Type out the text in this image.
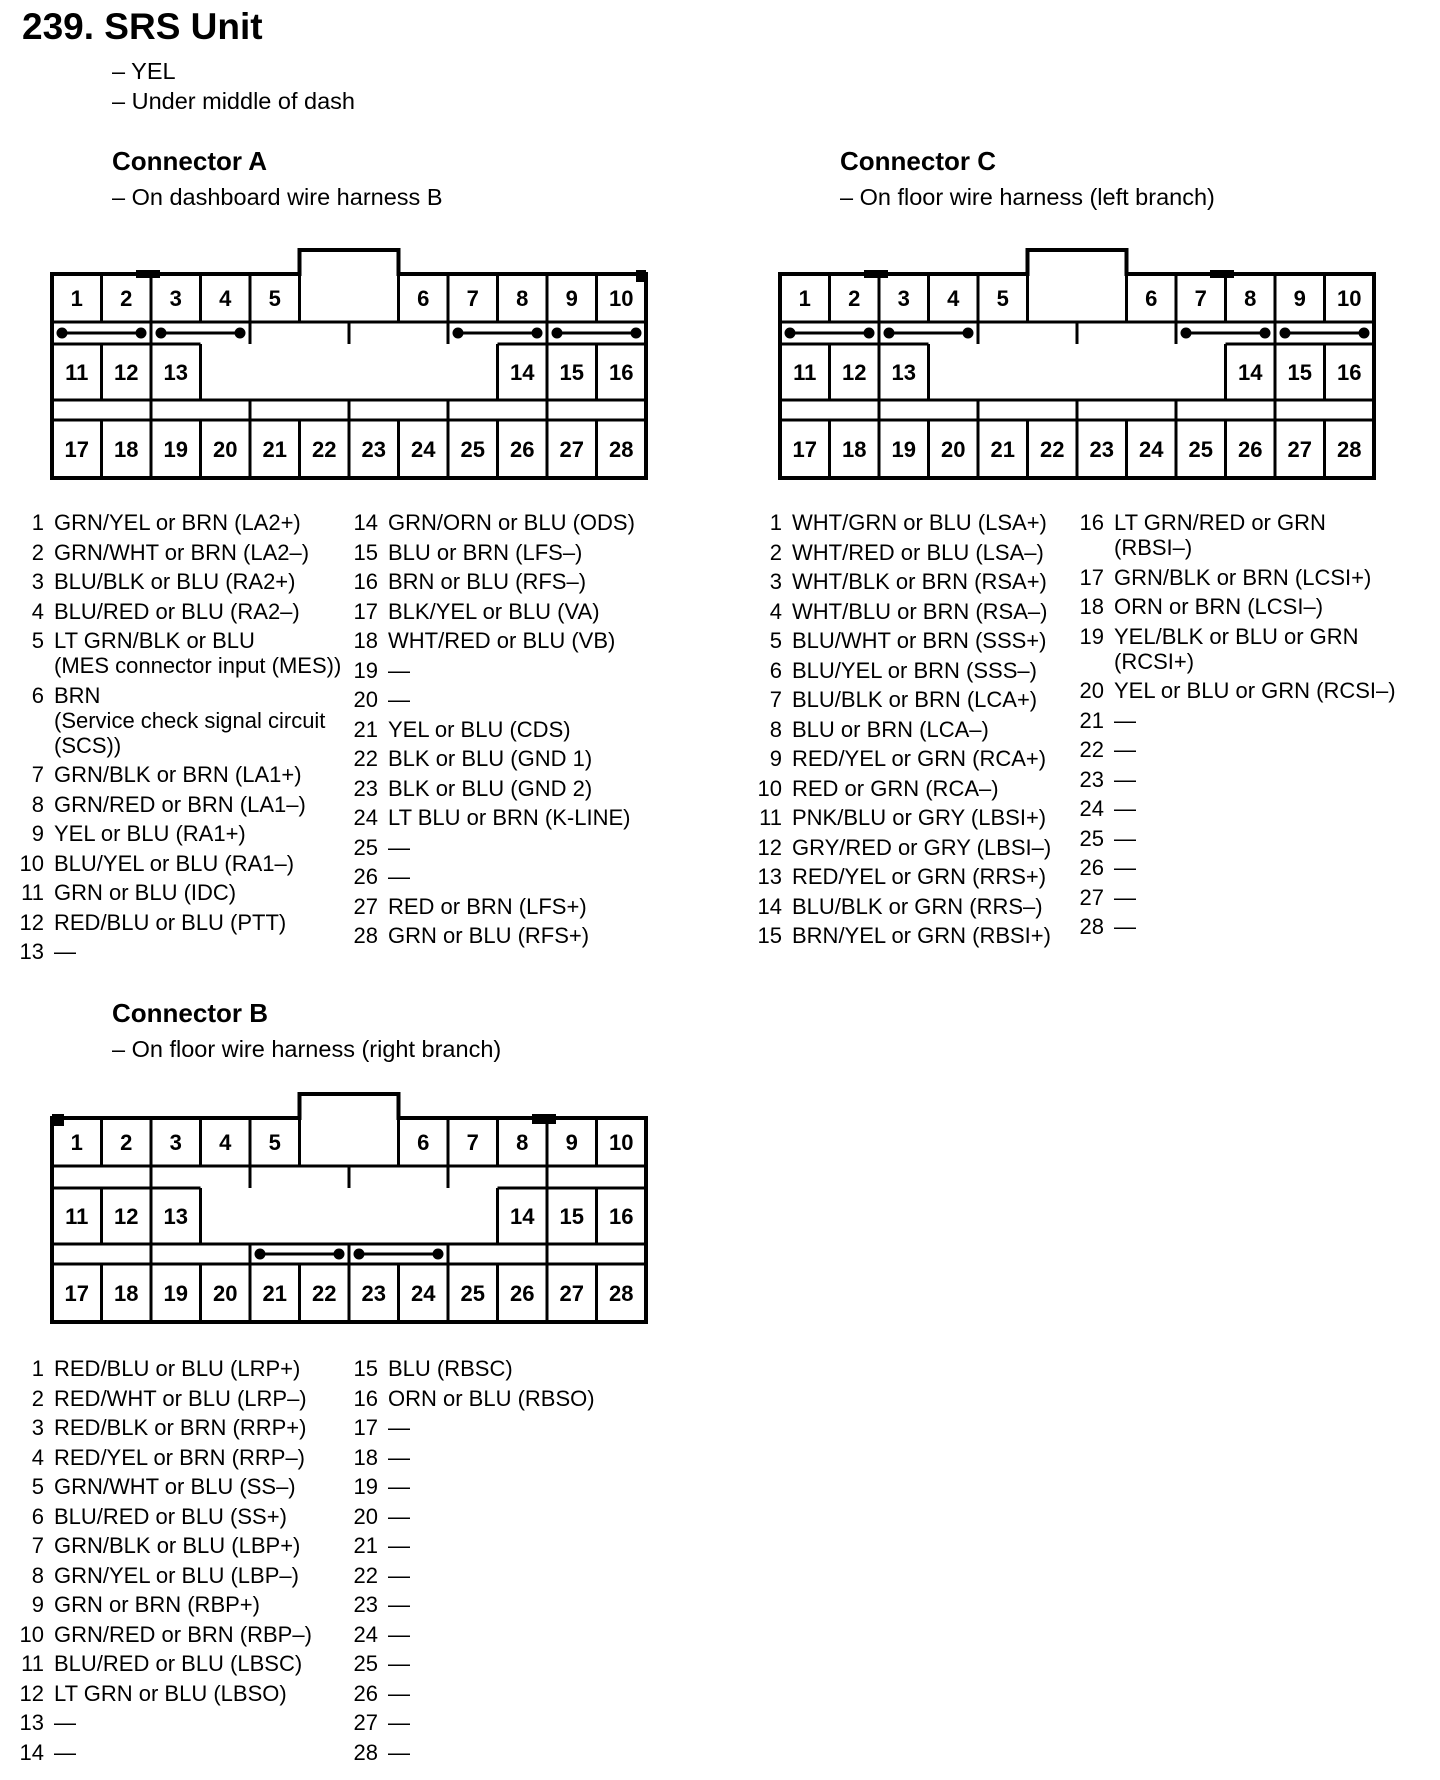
239. SRS Unit
– YEL
– Under middle of dash
Connector A
– On dashboard wire harness B
1 2 3 4 5	6 7 8 9 10
11 12 13	14 15 16
17 18 19 20 21 22 23 24 25 26 27 28
1 GRN/YEL or BRN (LA2+)
2 GRN/WHT or BRN (LA2–)
3 BLU/BLK or BLU (RA2+)
4 BLU/RED or BLU (RA2–)
5 LT GRN/BLK or BLU
(MES connector input (MES))
6 BRN
(Service check signal circuit
(SCS))
7 GRN/BLK or BRN (LA1+)
8 GRN/RED or BRN (LA1–)
9 YEL or BLU (RA1+)
10 BLU/YEL or BLU (RA1–)
11 GRN or BLU (IDC)
12 RED/BLU or BLU (PTT)
13 —
14 GRN/ORN or BLU (ODS)
15 BLU or BRN (LFS–)
16 BRN or BLU (RFS–)
17 BLK/YEL or BLU (VA)
18 WHT/RED or BLU (VB)
19 —
20 —
21 YEL or BLU (CDS)
22 BLK or BLU (GND 1)
23 BLK or BLU (GND 2)
24 LT BLU or BRN (K-LINE)
25 —
26 —
27 RED or BRN (LFS+)
28 GRN or BLU (RFS+)
Connector C
– On floor wire harness (left branch)
1 2 3 4 5	6 7 8 9 10
11 12 13	14 15 16
17 18 19 20 21 22 23 24 25 26 27 28
1 WHT/GRN or BLU (LSA+)
2 WHT/RED or BLU (LSA–)
3 WHT/BLK or BRN (RSA+)
4 WHT/BLU or BRN (RSA–)
5 BLU/WHT or BRN (SSS+)
6 BLU/YEL or BRN (SSS–)
7 BLU/BLK or BRN (LCA+)
8 BLU or BRN (LCA–)
9 RED/YEL or GRN (RCA+)
10 RED or GRN (RCA–)
11 PNK/BLU or GRY (LBSI+)
12 GRY/RED or GRY (LBSI–)
13 RED/YEL or GRN (RRS+)
14 BLU/BLK or GRN (RRS–)
15 BRN/YEL or GRN (RBSI+)
16 LT GRN/RED or GRN
(RBSI–)
17 GRN/BLK or BRN (LCSI+)
18 ORN or BRN (LCSI–)
19 YEL/BLK or BLU or GRN
(RCSI+)
20 YEL or BLU or GRN (RCSI–)
21 —
22 —
23 —
24 —
25 —
26 —
27 —
28 —
Connector B
– On floor wire harness (right branch)
1 2 3 4 5	6 7 8 9 10
11 12 13	14 15 16
17 18 19 20 21 22 23 24 25 26 27 28
1 RED/BLU or BLU (LRP+)
2 RED/WHT or BLU (LRP–)
3 RED/BLK or BRN (RRP+)
4 RED/YEL or BRN (RRP–)
5 GRN/WHT or BLU (SS–)
6 BLU/RED or BLU (SS+)
7 GRN/BLK or BLU (LBP+)
8 GRN/YEL or BLU (LBP–)
9 GRN or BRN (RBP+)
10 GRN/RED or BRN (RBP–)
11 BLU/RED or BLU (LBSC)
12 LT GRN or BLU (LBSO)
13 —
14 —
15 BLU (RBSC)
16 ORN or BLU (RBSO)
17 —
18 —
19 —
20 —
21 —
22 —
23 —
24 —
25 —
26 —
27 —
28 —
